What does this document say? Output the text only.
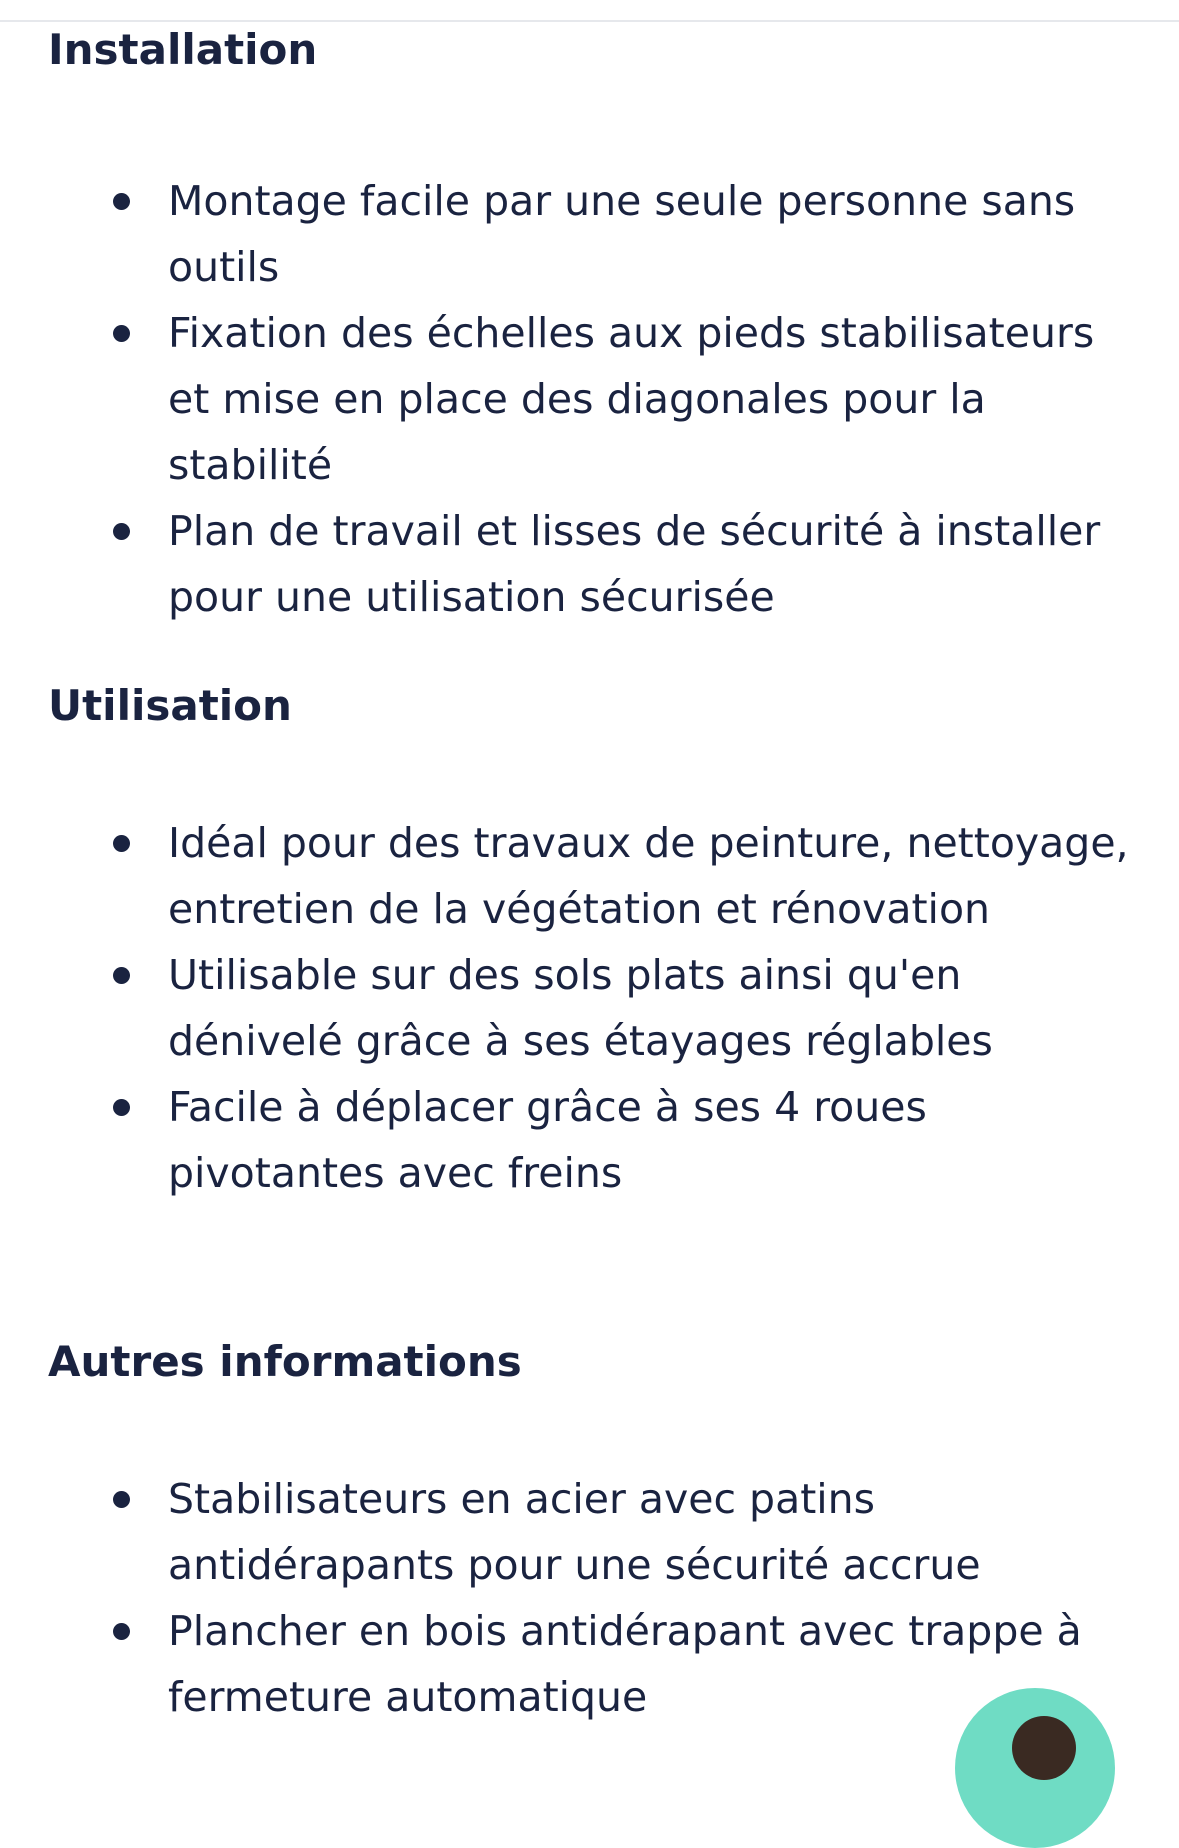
Installation
Montage facile par une seule personne sans outils
Fixation des échelles aux pieds stabilisateurs et mise en place des diagonales pour la stabilité
Plan de travail et lisses de sécurité à installer pour une utilisation sécurisée
Utilisation
Idéal pour des travaux de peinture, nettoyage, entretien de la végétation et rénovation
Utilisable sur des sols plats ainsi qu'en dénivelé grâce à ses étayages réglables
Facile à déplacer grâce à ses 4 roues pivotantes avec freins
Autres informations
Stabilisateurs en acier avec patins antidérapants pour une sécurité accrue
Plancher en bois antidérapant avec trappe à fermeture automatique
